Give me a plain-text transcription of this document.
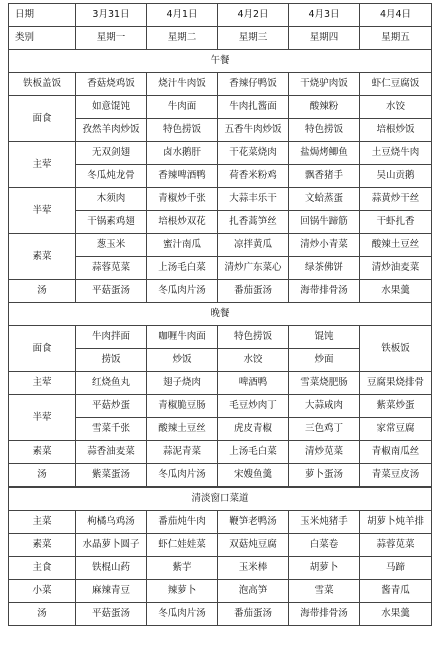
日期	3月31日	4月1日	4月2日	4月3日	4月4日
类别	星期一	星期二	星期三	星期四	星期五
午餐					
铁板盖饭	香菇烧鸡饭	烧汁牛肉饭	香辣仔鸭饭	干烧驴肉饭	虾仁豆腐饭
面食	如意馄饨	牛肉面	牛肉扎酱面	酸辣粉	水饺
	孜然羊肉炒饭	特色捞饭	五香牛肉炒饭	特色捞饭	培根炒饭
主荤	无双剑翅	卤水鹅肝	干花菜烧肉	盐焗烤鲫鱼	土豆烧牛肉
	冬瓜炖龙骨	香辣啤酒鸭	荷香米粉鸡	飘香猪手	吴山贡鹅
半荤	木须肉	青椒炒千张	大蒜丰乐干	文蛤蒸蛋	蒜黄炒干丝
	干锅素鸡翅	培根炒双花	扎香蒿笋丝	回锅牛蹄筋	干虾扎香
素菜	葱玉米	蜜汁南瓜	凉拌黄瓜	清炒小青菜	酸辣土豆丝
	蒜蓉苋菜	上汤毛白菜	清炒广东菜心	绿茶佛饼	清炒油麦菜
汤	平菇蛋汤	冬瓜肉片汤	番茄蛋汤	海带排骨汤	水果羹
晚餐					
面食	牛肉拌面	咖喱牛肉面	特色捞饭	馄饨	铁板饭
	捞饭	炒饭	水饺	炒面	
主荤	红烧鱼丸	翅子烧肉	啤酒鸭	雪菜烧肥肠	豆腐果烧排骨
半荤	平菇炒蛋	青椒脆豆肠	毛豆炒肉丁	大蒜咸肉	紫菜炒蛋
	雪菜千张	酸辣土豆丝	虎皮青椒	三色鸡丁	家常豆腐
素菜	蒜香油麦菜	蒜泥青菜	上汤毛白菜	清炒苋菜	青椒南瓜丝
汤	紫菜蛋汤	冬瓜肉片汤	宋嫂鱼羹	萝卜蛋汤	青菜豆皮汤
清淡窗口菜道					
主菜	枸橘乌鸡汤	番茄炖牛肉	鞭笋老鸭汤	玉米炖猪手	胡萝卜炖羊排
素菜	水晶萝卜圆子	虾仁娃娃菜	双菇炖豆腐	白菜卷	蒜蓉苋菜
主食	铁棍山药	紫芋	玉米棒	胡萝卜	马蹄
小菜	麻辣青豆	辣萝卜	泡高笋	雪菜	酱青瓜
汤	平菇蛋汤	冬瓜肉片汤	番茄蛋汤	海带排骨汤	水果羹
